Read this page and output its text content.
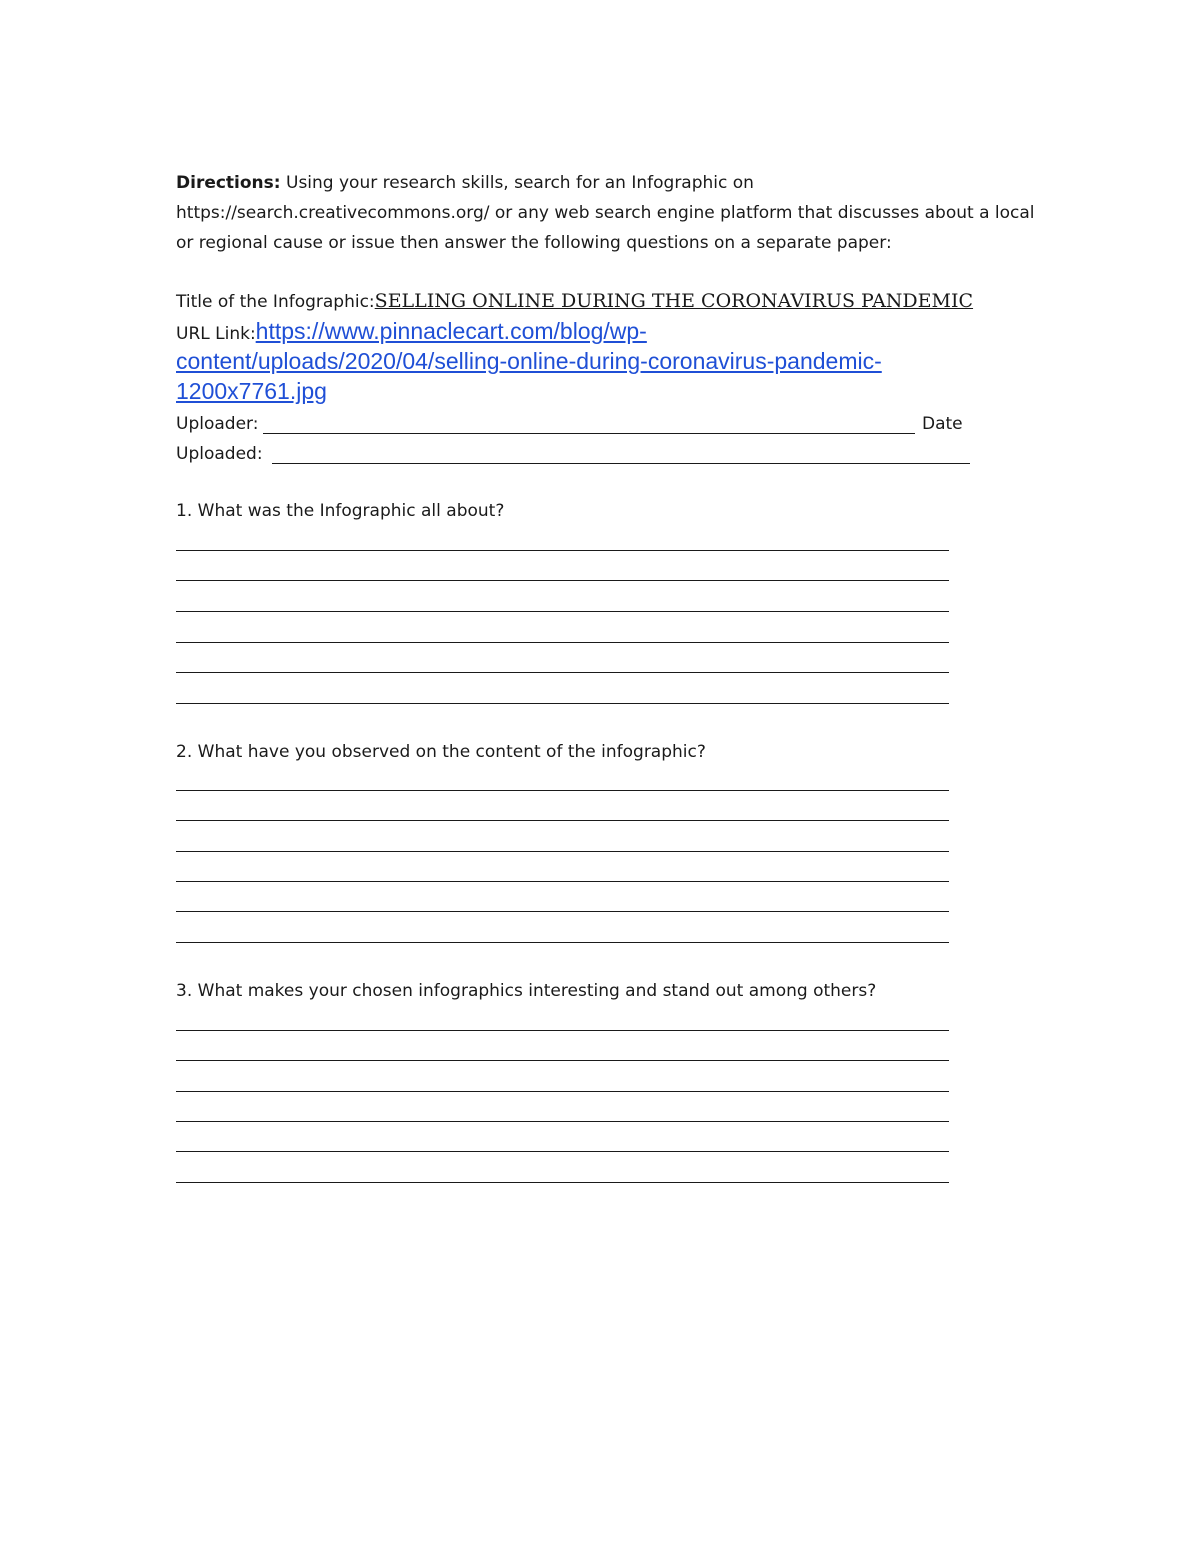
Directions: Using your research skills, search for an Infographic on
https://search.creativecommons.org/ or any web search engine platform that discusses about a local
or regional cause or issue then answer the following questions on a separate paper:
Title of the Infographic:SELLING ONLINE DURING THE CORONAVIRUS PANDEMIC
URL Link:https://www.pinnaclecart.com/blog/wp-
content/uploads/2020/04/selling-online-during-coronavirus-pandemic-
1200x7761.jpg
Uploader:	Date
Uploaded:
1. What was the Infographic all about?
2. What have you observed on the content of the infographic?
3. What makes your chosen infographics interesting and stand out among others?
